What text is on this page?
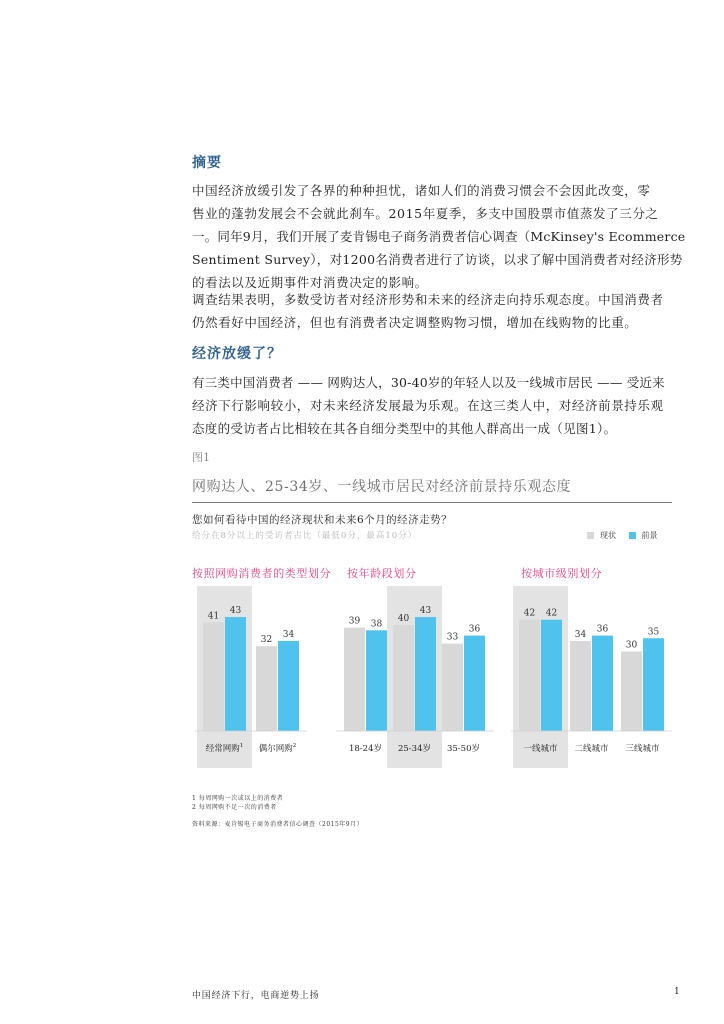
摘要
中国经济放缓引发了各界的种种担忧，诸如人们的消费习惯会不会因此改变，零
售业的蓬勃发展会不会就此刹车。2015年夏季，多支中国股票市值蒸发了三分之
一。同年9月，我们开展了麦肯锡电子商务消费者信心调查（McKinsey's Ecommerce
Sentiment Survey），对1200名消费者进行了访谈，以求了解中国消费者对经济形势
的看法以及近期事件对消费决定的影响。
调查结果表明，多数受访者对经济形势和未来的经济走向持乐观态度。中国消费者
仍然看好中国经济，但也有消费者决定调整购物习惯，增加在线购物的比重。
经济放缓了？
有三类中国消费者 —— 网购达人，30-40岁的年轻人以及一线城市居民 —— 受近来
经济下行影响较小，对未来经济发展最为乐观。在这三类人中，对经济前景持乐观
态度的受访者占比相较在其各自细分类型中的其他人群高出一成（见图1）。
图1
网购达人、25-34岁、一线城市居民对经济前景持乐观态度
您如何看待中国的经济现状和未来6个月的经济走势？
给分在8分以上的受访者占比（最低0分，最高10分）	现状	前景
按照网购消费者的类型划分 按年龄段划分	按城市级别划分
41
43
经常网购$^1$
32
34
偶尔网购$^2$
39 38
18-24岁
40
43
25-34岁
33
36
35-50岁
42 42
一线城市
34
36
二线城市
30
35
三线城市
1 每周网购一次或以上的消费者
2 每周网购不足一次的消费者
资料来源：麦肯锡电子商务消费者信心调查（2015年9月）
中国经济下行，电商逆势上扬	1
